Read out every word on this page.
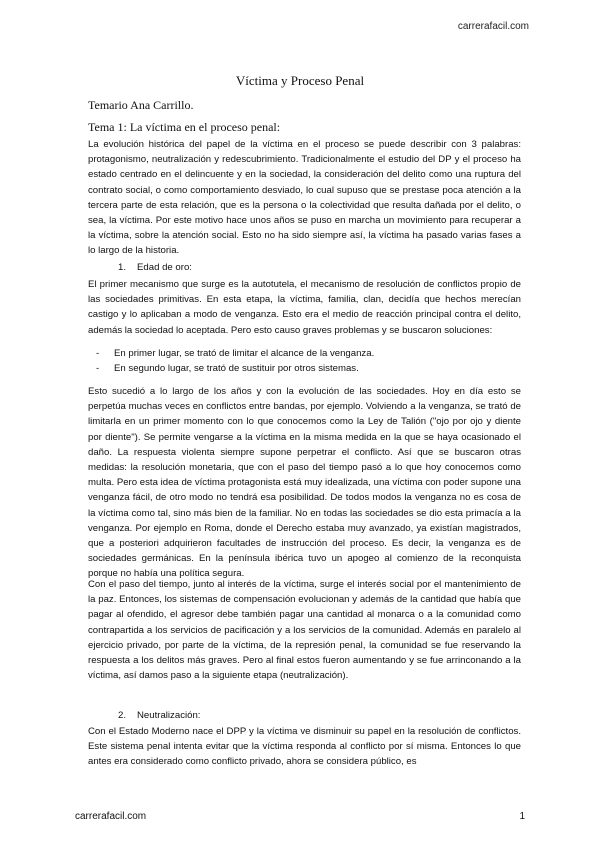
carrerafacil.com
Víctima y Proceso Penal
Temario Ana Carrillo.
Tema 1: La víctima en el proceso penal:

La evolución histórica del papel de la víctima en el proceso se puede describir con 3 palabras: protagonismo, neutralización y redescubrimiento. Tradicionalmente el estudio del DP y el proceso ha estado centrado en el delincuente y en la sociedad, la consideración del delito como una ruptura del contrato social, o como comportamiento desviado, lo cual supuso que se prestase poca atención a la tercera parte de esta relación, que es la persona o la colectividad que resulta dañada por el delito, o sea, la víctima. Por este motivo hace unos años se puso en marcha un movimiento para recuperar a la víctima, sobre la atención social. Esto no ha sido siempre así, la víctima ha pasado varias fases a lo largo de la historia.

1. Edad de oro:

El primer mecanismo que surge es la autotutela, el mecanismo de resolución de conflictos propio de las sociedades primitivas. En esta etapa, la víctima, familia, clan, decidía que hechos merecían castigo y lo aplicaban a modo de venganza. Esto era el medio de reacción principal contra el delito, además la sociedad lo aceptada. Pero esto causo graves problemas y se buscaron soluciones:

- En primer lugar, se trató de limitar el alcance de la venganza.
- En segundo lugar, se trató de sustituir por otros sistemas.

Esto sucedió a lo largo de los años y con la evolución de las sociedades. Hoy en día esto se perpetúa muchas veces en conflictos entre bandas, por ejemplo. Volviendo a la venganza, se trató de limitarla en un primer momento con lo que conocemos como la Ley de Talión ("ojo por ojo y diente por diente"). Se permite vengarse a la víctima en la misma medida en la que se haya ocasionado el daño. La respuesta violenta siempre supone perpetrar el conflicto. Así que se buscaron otras medidas: la resolución monetaria, que con el paso del tiempo pasó a lo que hoy conocemos como multa. Pero esta idea de víctima protagonista está muy idealizada, una víctima con poder supone una venganza fácil, de otro modo no tendrá esa posibilidad. De todos modos la venganza no es cosa de la víctima como tal, sino más bien de la familiar. No en todas las sociedades se dio esta primacía a la venganza. Por ejemplo en Roma, donde el Derecho estaba muy avanzado, ya existían magistrados, que a posteriori adquirieron facultades de instrucción del proceso. Es decir, la venganza es de sociedades germánicas. En la península ibérica tuvo un apogeo al comienzo de la reconquista porque no había una política segura.

Con el paso del tiempo, junto al interés de la víctima, surge el interés social por el mantenimiento de la paz. Entonces, los sistemas de compensación evolucionan y además de la cantidad que había que pagar al ofendido, el agresor debe también pagar una cantidad al monarca o a la comunidad como contrapartida a los servicios de pacificación y a los servicios de la comunidad. Además en paralelo al ejercicio privado, por parte de la víctima, de la represión penal, la comunidad se fue reservando la respuesta a los delitos más graves. Pero al final estos fueron aumentando y se fue arrinconando a la víctima, así damos paso a la siguiente etapa (neutralización).

2. Neutralización:

Con el Estado Moderno nace el DPP y la víctima ve disminuir su papel en la resolución de conflictos. Este sistema penal intenta evitar que la víctima responda al conflicto por sí misma. Entonces lo que antes era considerado como conflicto privado, ahora se considera público, es

carrerafacil.com	1
